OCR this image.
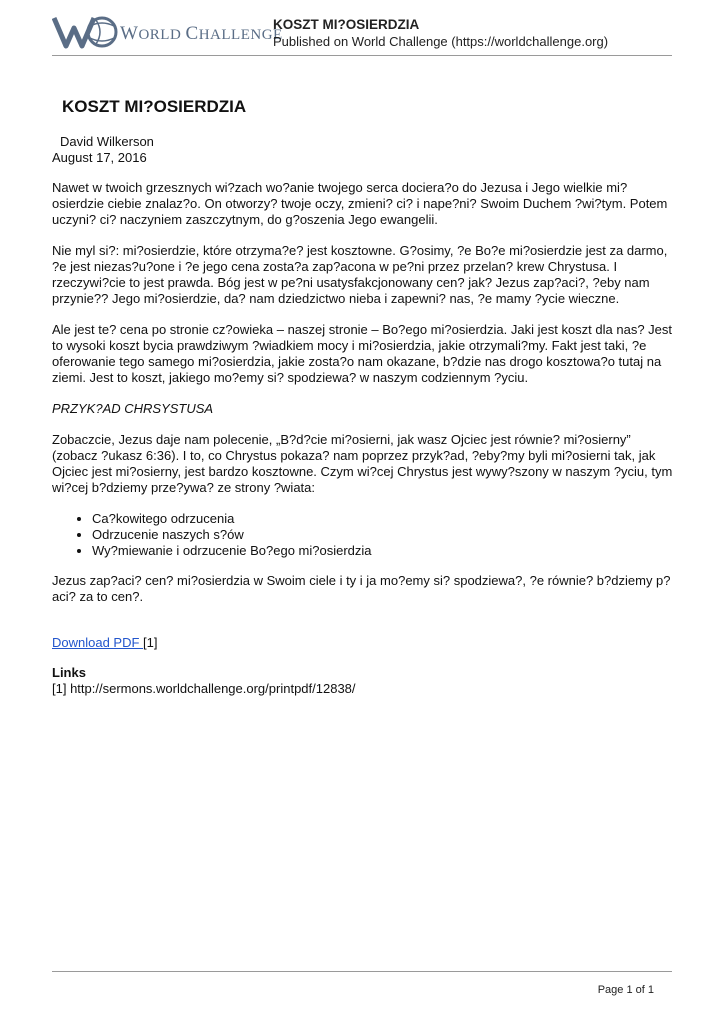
WORLD CHALLENGE
KOSZT MI?OSIERDZIA
Published on World Challenge (https://worldchallenge.org)
KOSZT MI?OSIERDZIA
David Wilkerson
August 17, 2016

Nawet w twoich grzesznych wi?zach wo?anie twojego serca dociera?o do Jezusa i Jego wielkie mi?osierdzie ciebie znalaz?o. On otworzy? twoje oczy, zmieni? ci? i nape?ni? Swoim Duchem ?wi?tym. Potem uczyni? ci? naczyniem zaszczytnym, do g?oszenia Jego ewangelii.

Nie myl si?: mi?osierdzie, które otrzyma?e? jest kosztowne. G?osimy, ?e Bo?e mi?osierdzie jest za darmo, ?e jest niezas?u?one i ?e jego cena zosta?a zap?acona w pe?ni przez przelan? krew Chrystusa. I rzeczywi?cie to jest prawda. Bóg jest w pe?ni usatysfakcjonowany cen? jak? Jezus zap?aci?, ?eby nam przynie?? Jego mi?osierdzie, da? nam dziedzictwo nieba i zapewni? nas, ?e mamy ?ycie wieczne.

Ale jest te? cena po stronie cz?owieka – naszej stronie – Bo?ego mi?osierdzia. Jaki jest koszt dla nas? Jest to wysoki koszt bycia prawdziwym ?wiadkiem mocy i mi?osierdzia, jakie otrzymali?my. Fakt jest taki, ?e oferowanie tego samego mi?osierdzia, jakie zosta?o nam okazane, b?dzie nas drogo kosztowa?o tutaj na ziemi. Jest to koszt, jakiego mo?emy si? spodziewa? w naszym codziennym ?yciu.

PRZYK?AD CHRSYSTUSA

Zobaczcie, Jezus daje nam polecenie, „B?d?cie mi?osierni, jak wasz Ojciec jest równie? mi?osierny” (zobacz ?ukasz 6:36). I to, co Chrystus pokaza? nam poprzez przyk?ad, ?eby?my byli mi?osierni tak, jak Ojciec jest mi?osierny, jest bardzo kosztowne. Czym wi?cej Chrystus jest wywy?szony w naszym ?yciu, tym wi?cej b?dziemy prze?ywa? ze strony ?wiata:

• Ca?kowitego odrzucenia
• Odrzucenie naszych s?ów
• Wy?miewanie i odrzucenie Bo?ego mi?osierdzia

Jezus zap?aci? cen? mi?osierdzia w Swoim ciele i ty i ja mo?emy si? spodziewa?, ?e równie? b?dziemy p?aci? za to cen?.

Download PDF [1]
Links
[1] http://sermons.worldchallenge.org/printpdf/12838/
Page 1 of 1
